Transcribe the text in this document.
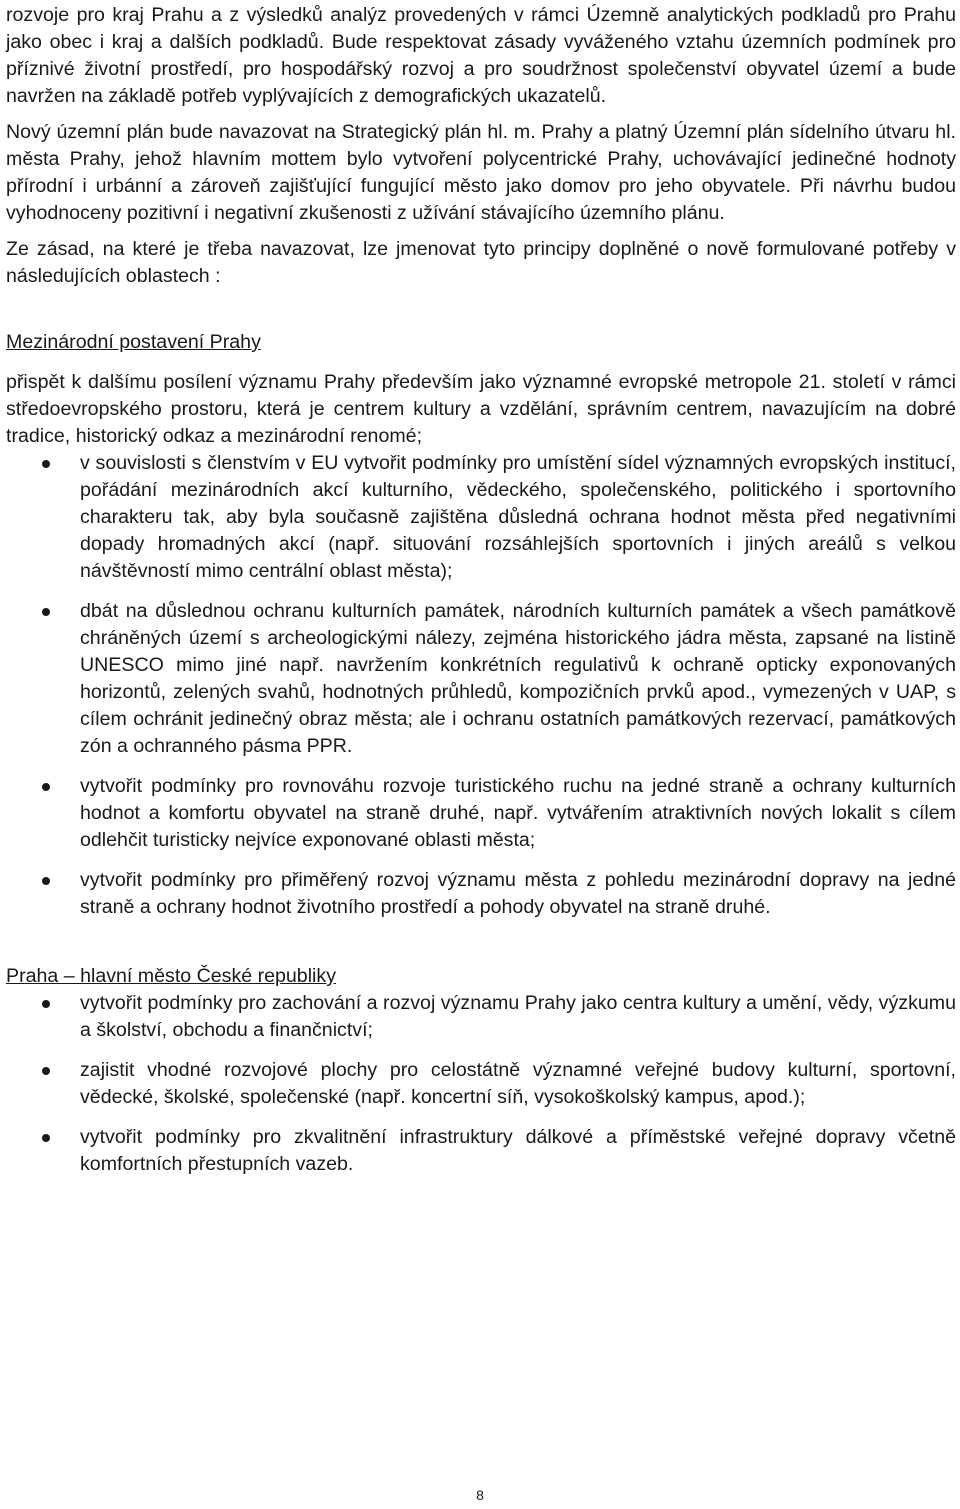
rozvoje pro kraj Prahu a z výsledků analýz provedených v rámci Územně analytických podkladů pro Prahu jako obec i kraj a dalších podkladů. Bude respektovat zásady vyváženého vztahu územních podmínek pro příznivé životní prostředí, pro hospodářský rozvoj a pro soudržnost společenství obyvatel území a bude navržen na základě potřeb vyplývajících z demografických ukazatelů.

Nový územní plán bude navazovat na Strategický plán hl. m. Prahy a platný Územní plán sídelního útvaru hl. města Prahy, jehož hlavním mottem bylo vytvoření polycentrické Prahy, uchovávající jedinečné hodnoty přírodní i urbánní a zároveň zajišťující fungující město jako domov pro jeho obyvatele. Při návrhu budou vyhodnoceny pozitivní i negativní zkušenosti z užívání stávajícího územního plánu.

Ze zásad, na které je třeba navazovat, lze jmenovat tyto principy doplněné o nově formulované potřeby v následujících oblastech :

Mezinárodní postavení Prahy

přispět k dalšímu posílení významu Prahy především jako významné evropské metropole 21. století v rámci středoevropského prostoru, která je centrem kultury a vzdělání, správním centrem, navazujícím na dobré tradice, historický odkaz a mezinárodní renomé;

v souvislosti s členstvím v EU vytvořit podmínky pro umístění sídel významných evropských institucí, pořádání mezinárodních akcí kulturního, vědeckého, společenského, politického i sportovního charakteru tak, aby byla současně zajištěna důsledná ochrana hodnot města před negativními dopady hromadných akcí (např. situování rozsáhlejších sportovních i jiných areálů s velkou návštěvností mimo centrální oblast města);
dbát na důslednou ochranu kulturních památek, národních kulturních památek a všech památkově chráněných území s archeologickými nálezy, zejména historického jádra města, zapsané na listině UNESCO mimo jiné např. navržením konkrétních regulativů k ochraně opticky exponovaných horizontů, zelených svahů, hodnotných průhledů, kompozičních prvků apod., vymezených v UAP, s cílem ochránit jedinečný obraz města; ale i ochranu ostatních památkových rezervací, památkových zón a ochranného pásma PPR.
vytvořit podmínky pro rovnováhu rozvoje turistického ruchu na jedné straně a ochrany kulturních hodnot a komfortu obyvatel na straně druhé, např. vytvářením atraktivních nových lokalit s cílem odlehčit turisticky nejvíce exponované oblasti města;
vytvořit podmínky pro přiměřený rozvoj významu města z pohledu mezinárodní dopravy na jedné straně a ochrany hodnot životního prostředí a pohody obyvatel na straně druhé.

Praha – hlavní město České republiky

vytvořit podmínky pro zachování a rozvoj významu Prahy jako centra kultury a umění, vědy, výzkumu a školství, obchodu a finančnictví;
zajistit vhodné rozvojové plochy pro celostátně významné veřejné budovy kulturní, sportovní, vědecké, školské, společenské (např. koncertní síň, vysokoškolský kampus, apod.);
vytvořit podmínky pro zkvalitnění infrastruktury dálkové a příměstské veřejné dopravy včetně komfortních přestupních vazeb.
8
